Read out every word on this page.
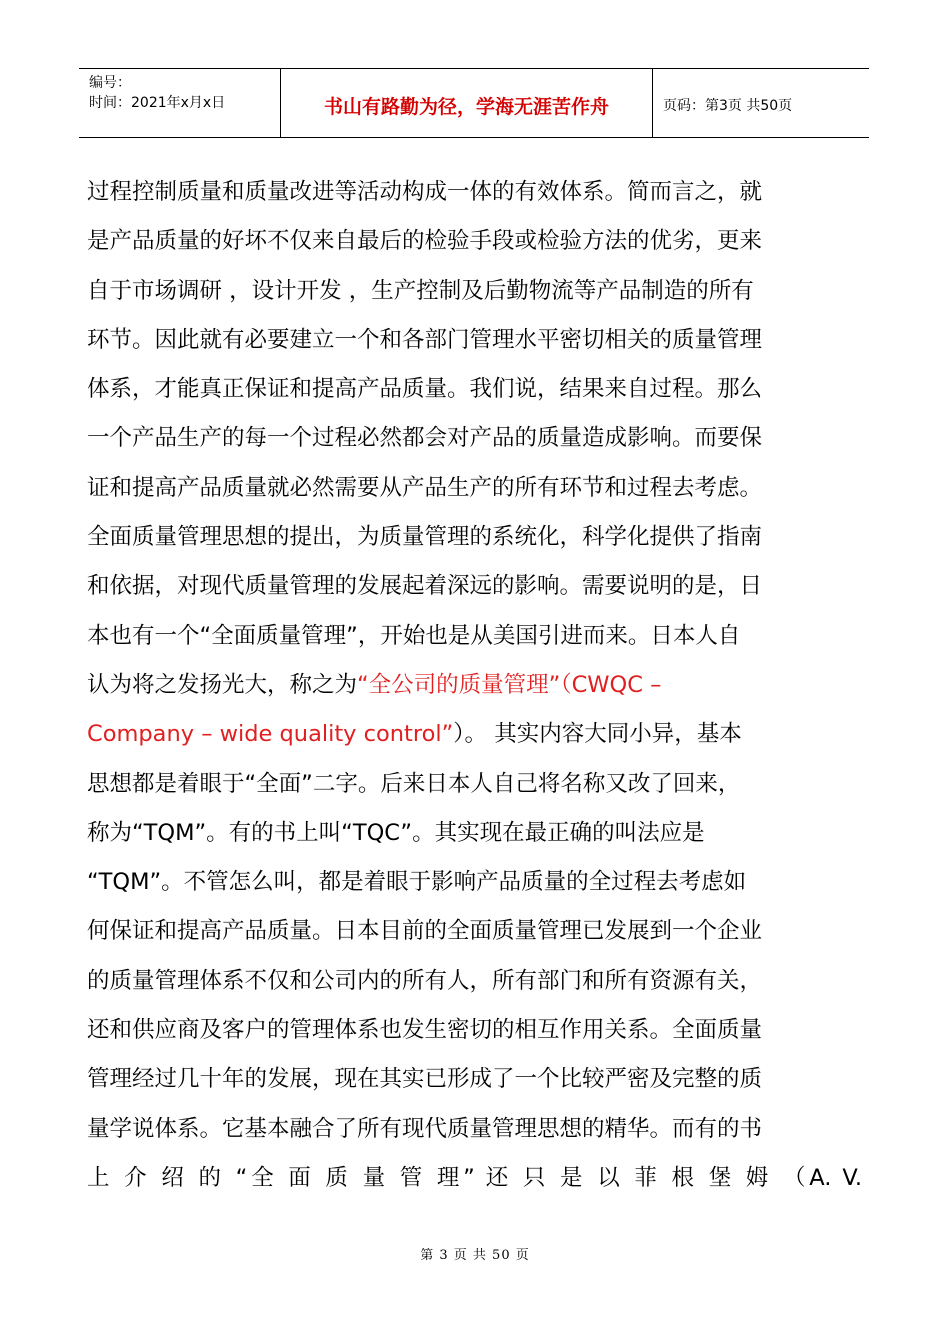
编号：
时间：2021年x月x日	书山有路勤为径，学海无涯苦作舟	页码：第3页 共50页
过程控制质量和质量改进等活动构成一体的有效体系。简而言之，就
是产品质量的好坏不仅来自最后的检验手段或检验方法的优劣，更来
自于市场调研 ，设计开发 ，生产控制及后勤物流等产品制造的所有
环节。因此就有必要建立一个和各部门管理水平密切相关的质量管理
体系，才能真正保证和提高产品质量。我们说，结果来自过程。那么
一个产品生产的每一个过程必然都会对产品的质量造成影响。而要保
证和提高产品质量就必然需要从产品生产的所有环节和过程去考虑。
全面质量管理思想的提出，为质量管理的系统化，科学化提供了指南
和依据，对现代质量管理的发展起着深远的影响。需要说明的是，日
本也有一个“全面质量管理”，开始也是从美国引进而来。日本人自
认为将之发扬光大，称之为“全公司的质量管理”（CWQC –
Company – wide quality control”）。 其实内容大同小异，基本
思想都是着眼于“全面”二字。后来日本人自己将名称又改了回来，
称为“TQM”。有的书上叫“TQC”。其实现在最正确的叫法应是
“TQM”。不管怎么叫，都是着眼于影响产品质量的全过程去考虑如
何保证和提高产品质量。日本目前的全面质量管理已发展到一个企业
的质量管理体系不仅和公司内的所有人，所有部门和所有资源有关，
还和供应商及客户的管理体系也发生密切的相互作用关系。全面质量
管理经过几十年的发展，现在其实已形成了一个比较严密及完整的质
量学说体系。它基本融合了所有现代质量管理思想的精华。而有的书
上 介 绍 的 “全 面 质 量 管 理” 还 只 是 以 菲 根 堡 姆 （A. V.
第 3 页 共 50 页
